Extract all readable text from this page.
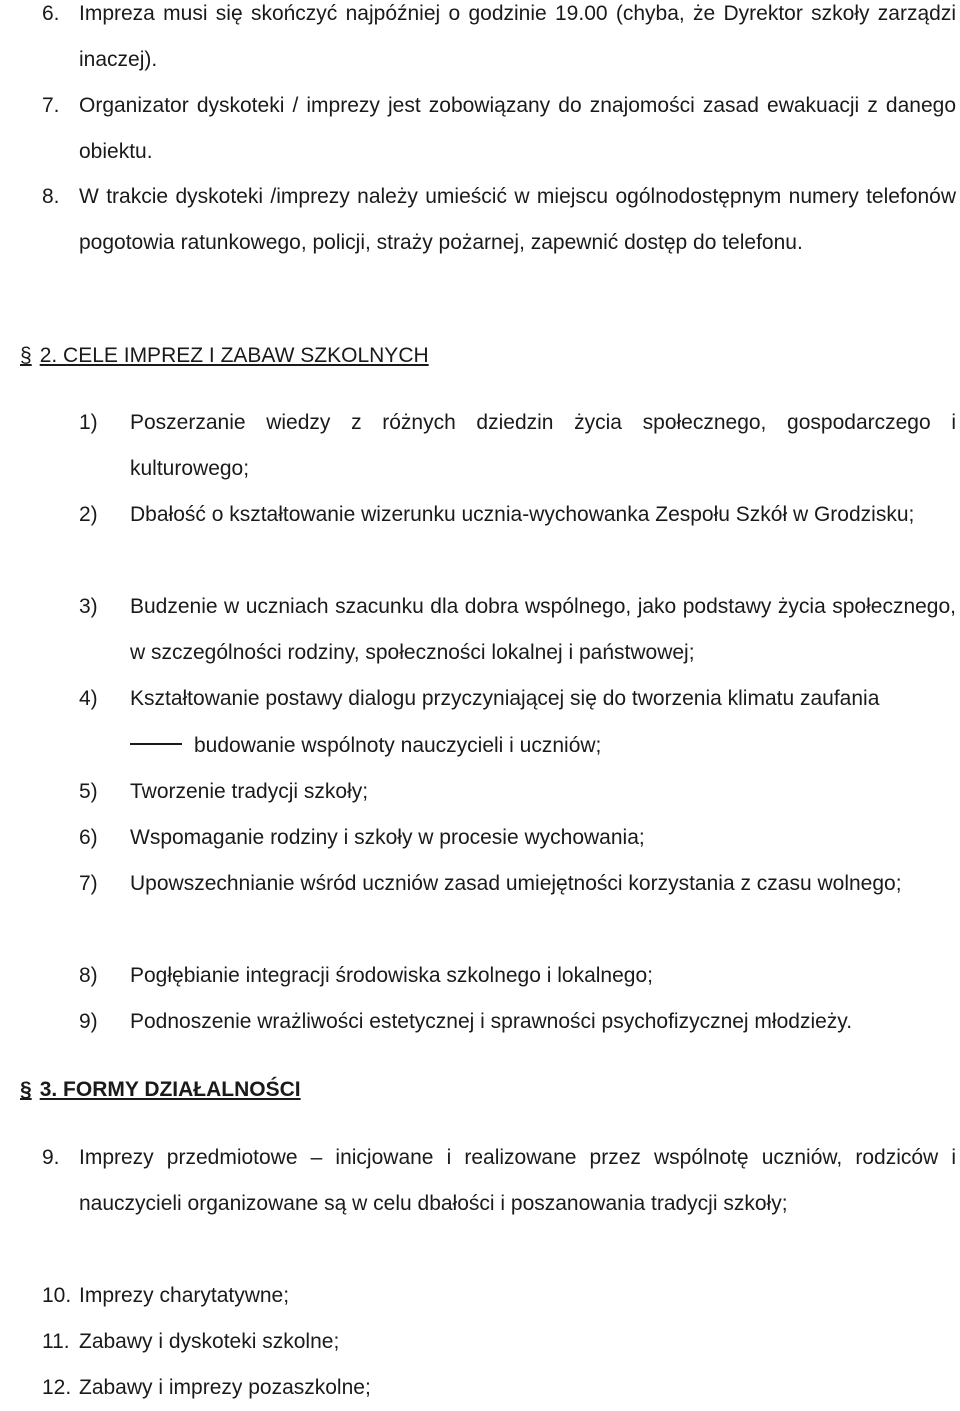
6. Impreza musi się skończyć najpóźniej o godzinie 19.00 (chyba, że Dyrektor szkoły zarządzi inaczej).
7. Organizator dyskoteki / imprezy jest zobowiązany do znajomości zasad ewakuacji z danego obiektu.
8. W trakcie dyskoteki /imprezy należy umieścić w miejscu ogólnodostępnym numery telefonów pogotowia ratunkowego, policji, straży pożarnej, zapewnić dostęp do telefonu.
§ 2. CELE IMPREZ I ZABAW SZKOLNYCH
1)	Poszerzanie wiedzy z różnych dziedzin życia społecznego, gospodarczego i kulturowego;
2)	Dbałość o kształtowanie wizerunku ucznia-wychowanka Zespołu Szkół w Grodzisku;
3)	Budzenie w uczniach szacunku dla dobra wspólnego, jako podstawy życia społecznego, w szczególności rodziny, społeczności lokalnej i państwowej;
4)	Kształtowanie postawy dialogu przyczyniającej się do tworzenia klimatu zaufania
budowanie wspólnoty nauczycieli i uczniów;
5)	Tworzenie tradycji szkoły;
6)	Wspomaganie rodziny i szkoły w procesie wychowania;
7)	Upowszechnianie wśród uczniów zasad umiejętności korzystania z czasu wolnego;
8)	Pogłębianie integracji środowiska szkolnego i lokalnego;
9)	Podnoszenie wrażliwości estetycznej i sprawności psychofizycznej młodzieży.
§ 3. FORMY DZIAŁALNOŚCI
9. Imprezy przedmiotowe – inicjowane i realizowane przez wspólnotę uczniów, rodziców i nauczycieli organizowane są w celu dbałości i poszanowania tradycji szkoły;
10. Imprezy charytatywne;
11. Zabawy i dyskoteki szkolne;
12. Zabawy i imprezy pozaszkolne;
